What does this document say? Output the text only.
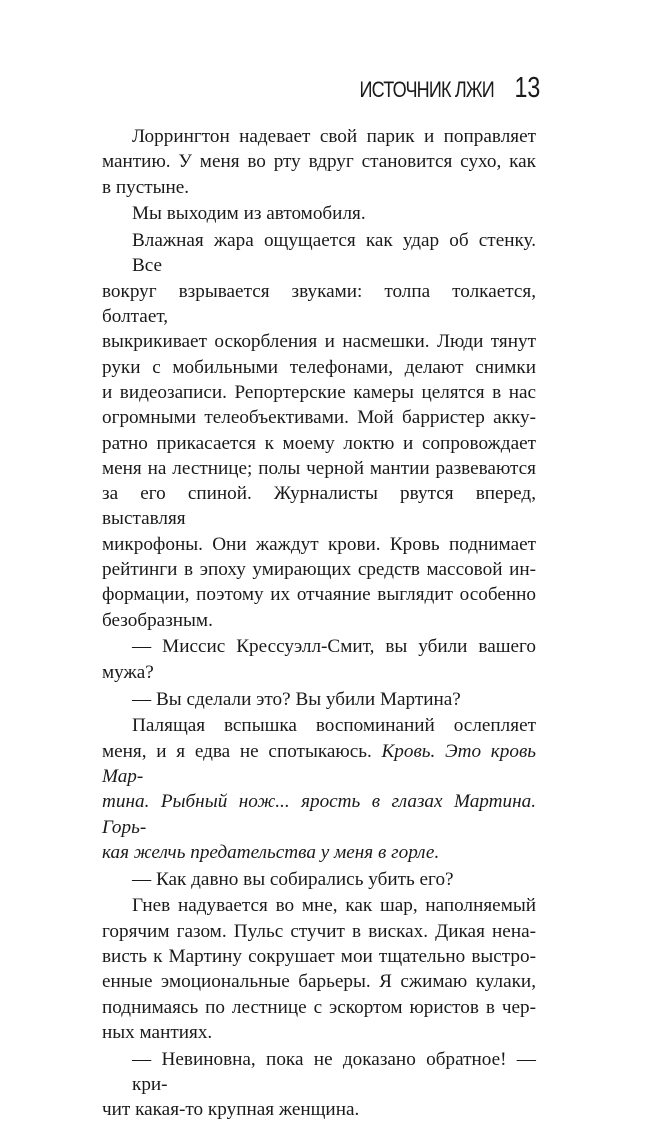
ИСТОЧНИК ЛЖИ 13
Лоррингтон надевает свой парик и поправляет
мантию. У меня во рту вдруг становится сухо, как
в пустыне.
Мы выходим из автомобиля.
Влажная жара ощущается как удар об стенку. Все
вокруг взрывается звуками: толпа толкается, болтает,
выкрикивает оскорбления и насмешки. Люди тянут
руки с мобильными телефонами, делают снимки
и видеозаписи. Репортерские камеры целятся в нас
огромными телеобъективами. Мой барристер акку-
ратно прикасается к моему локтю и сопровождает
меня на лестнице; полы черной мантии развеваются
за его спиной. Журналисты рвутся вперед, выставляя
микрофоны. Они жаждут крови. Кровь поднимает
рейтинги в эпоху умирающих средств массовой ин-
формации, поэтому их отчаяние выглядит особенно
безобразным.
— Миссис Крессуэлл-Смит, вы убили вашего
мужа?
— Вы сделали это? Вы убили Мартина?
Палящая вспышка воспоминаний ослепляет
меня, и я едва не спотыкаюсь. Кровь. Это кровь Мар-
тина. Рыбный нож... ярость в глазах Мартина. Горь-
кая желчь предательства у меня в горле.
— Как давно вы собирались убить его?
Гнев надувается во мне, как шар, наполняемый
горячим газом. Пульс стучит в висках. Дикая нена-
висть к Мартину сокрушает мои тщательно выстро-
енные эмоциональные барьеры. Я сжимаю кулаки,
поднимаясь по лестнице с эскортом юристов в чер-
ных мантиях.
— Невиновна, пока не доказано обратное! — кри-
чит какая-то крупная женщина.
